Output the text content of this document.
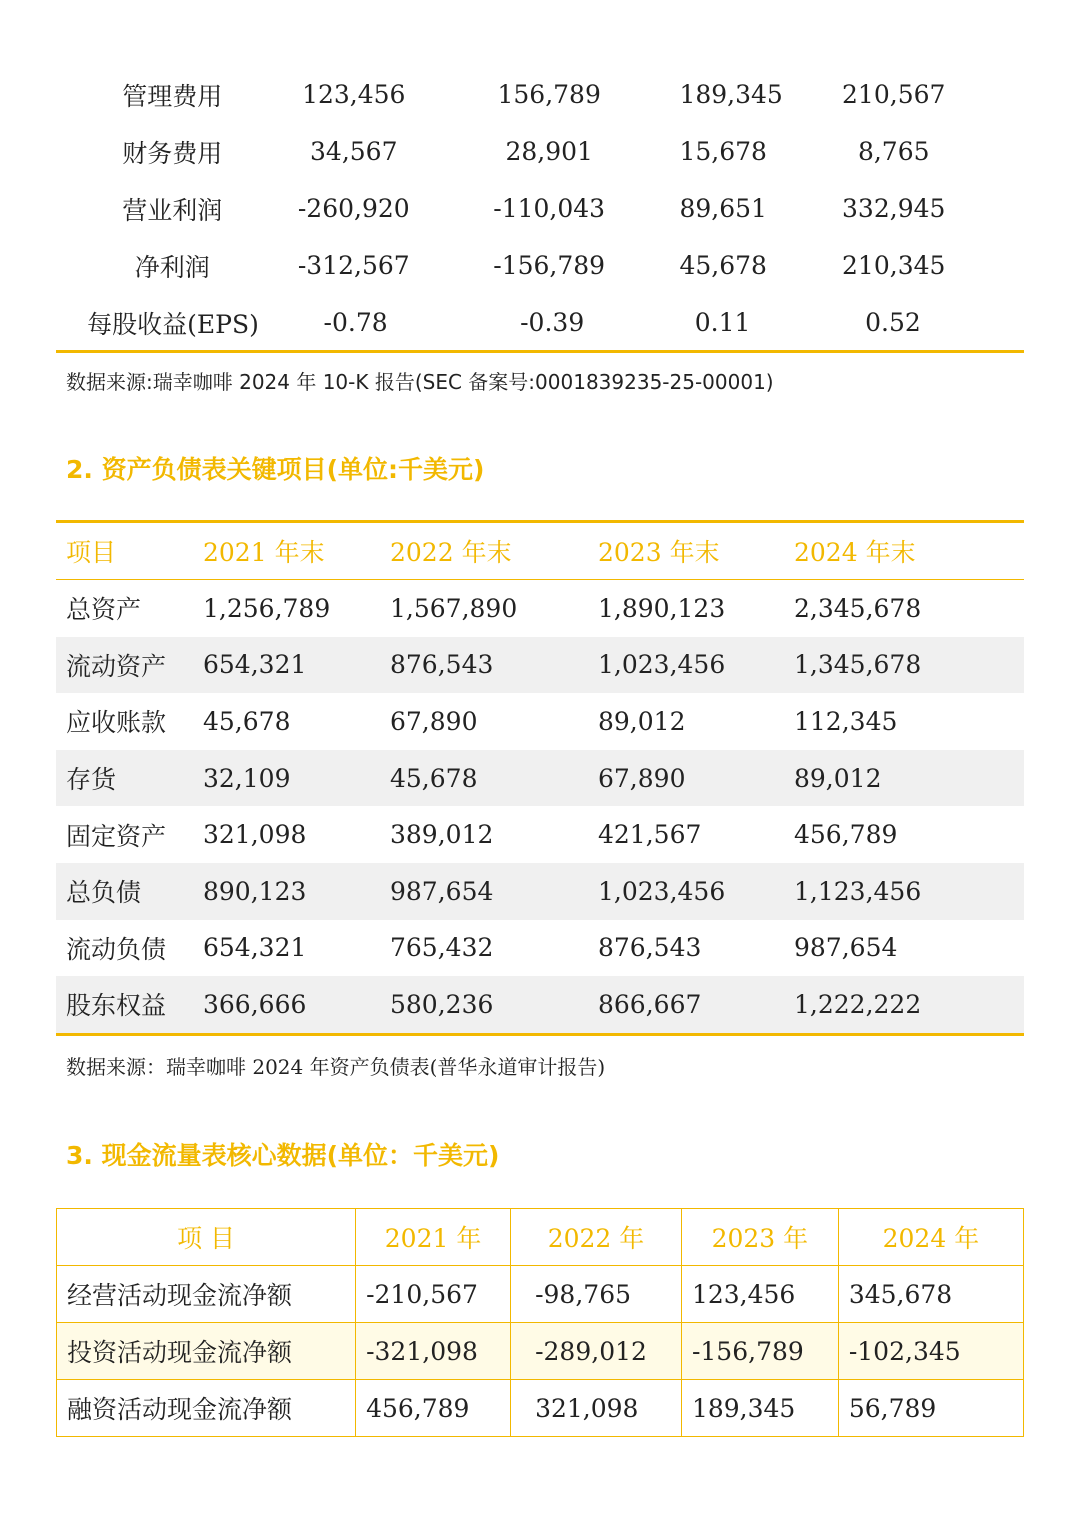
管理费用	123,456	156,789	189,345	210,567
财务费用	34,567	28,901	15,678	8,765
营业利润	-260,920	-110,043	89,651	332,945
净利润	-312,567	-156,789	45,678	210,345
每股收益(EPS)	-0.78	-0.39	0.11	0.52
数据来源:瑞幸咖啡 2024 年 10-K 报告(SEC 备案号:0001839235-25-00001)
2. 资产负债表关键项目(单位:千美元)
项目	2021 年末	2022 年末	2023 年末	2024 年末
总资产	1,256,789	1,567,890	1,890,123	2,345,678
流动资产	654,321	876,543	1,023,456	1,345,678
应收账款	45,678	67,890	89,012	112,345
存货	32,109	45,678	67,890	89,012
固定资产	321,098	389,012	421,567	456,789
总负债	890,123	987,654	1,023,456	1,123,456
流动负债	654,321	765,432	876,543	987,654
股东权益	366,666	580,236	866,667	1,222,222
数据来源：瑞幸咖啡 2024 年资产负债表(普华永道审计报告)
3. 现金流量表核心数据(单位：千美元)
项 目	2021 年	2022 年	2023 年	2024 年
经营活动现金流净额	-210,567	-98,765	123,456	345,678
投资活动现金流净额	-321,098	-289,012	-156,789	-102,345
融资活动现金流净额	456,789	321,098	189,345	56,789
